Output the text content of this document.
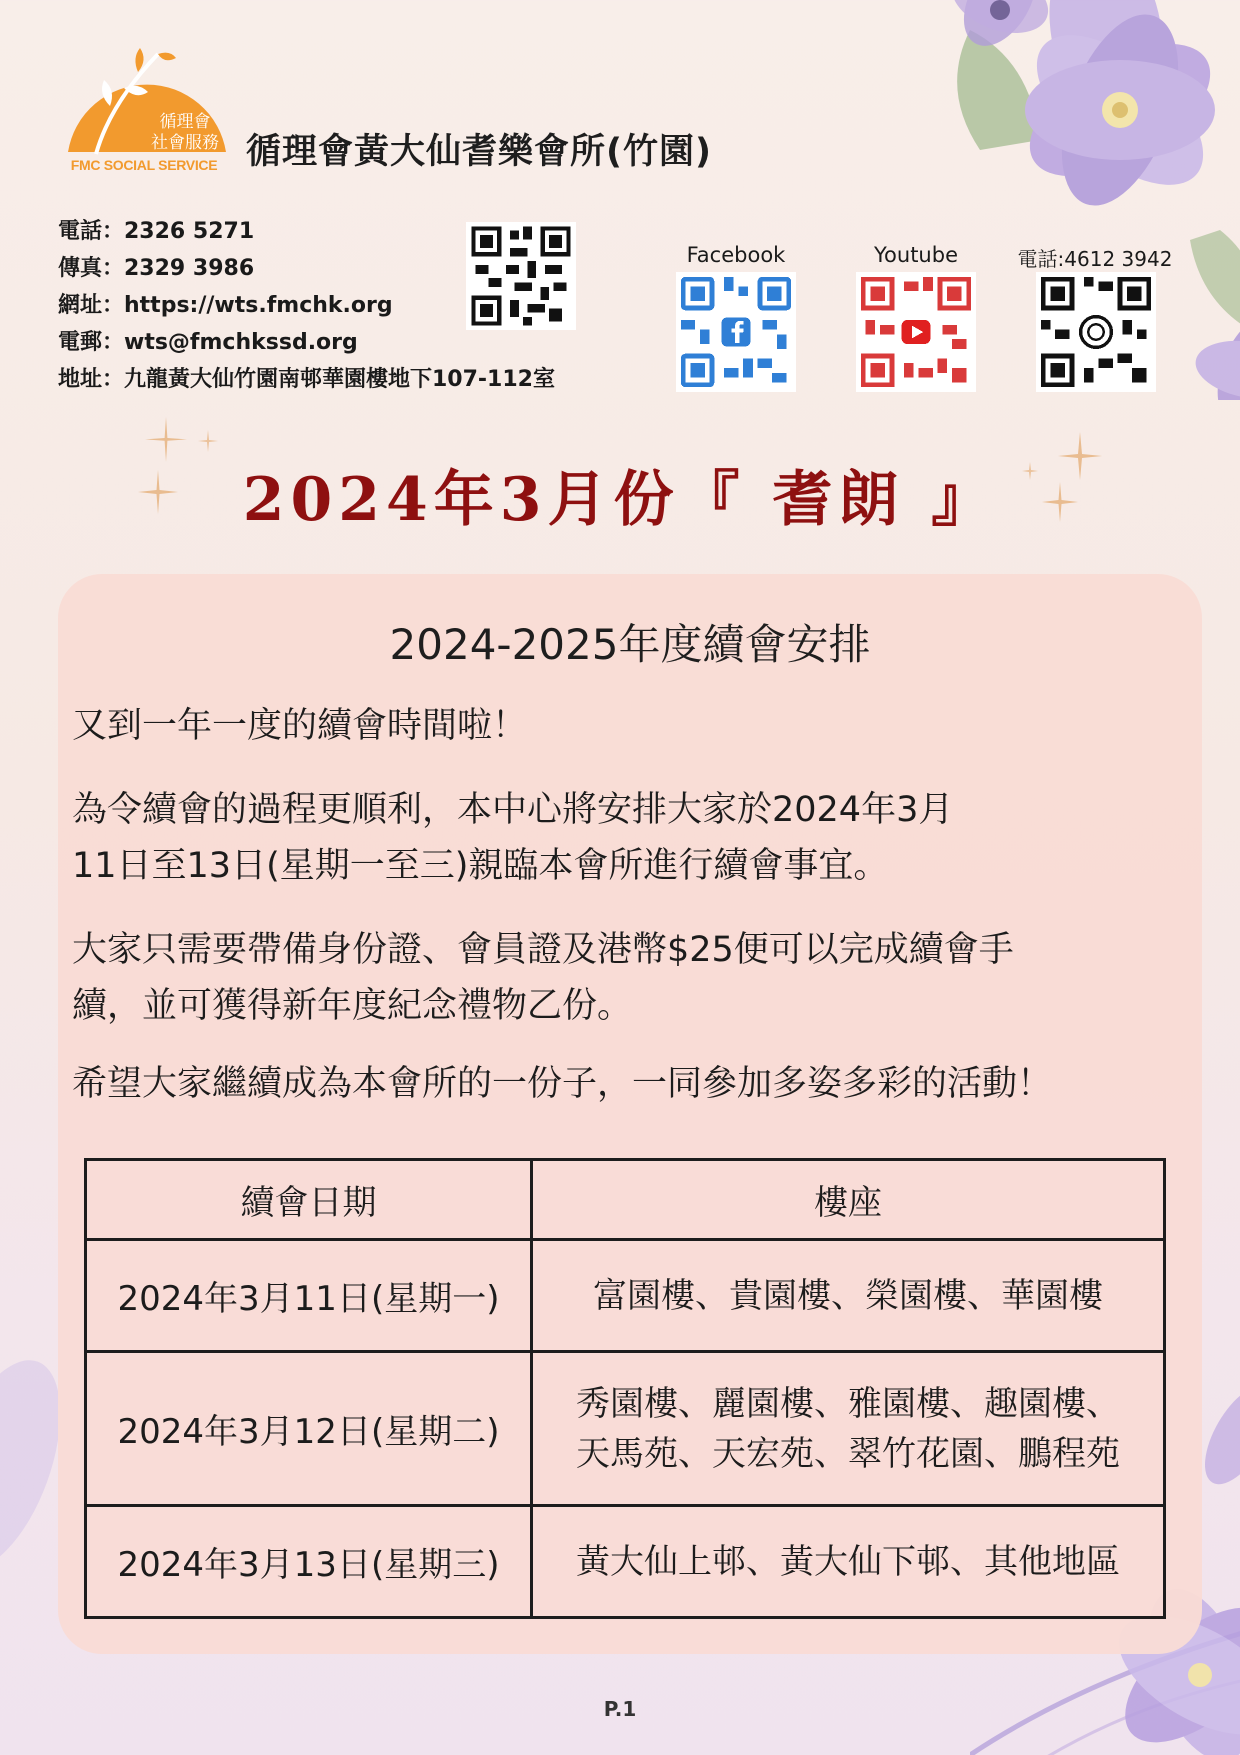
循理會
社會服務
FMC SOCIAL SERVICE 循理會黃大仙耆樂會所(竹園)
電話：2326 5271
傳真：2329 3986
網址：https://wts.fmchk.org
電郵：wts@fmchkssd.org
地址：九龍黃大仙竹園南邨華園樓地下107-112室
Facebook	Youtube	電話:4612 3942
2024年3月份『 耆朗 』
2024-2025年度續會安排
又到一年一度的續會時間啦！
為令續會的過程更順利，本中心將安排大家於2024年3月
11日至13日(星期一至三)親臨本會所進行續會事宜。
大家只需要帶備身份證、會員證及港幣$25便可以完成續會手
續，並可獲得新年度紀念禮物乙份。
希望大家繼續成為本會所的一份子，一同參加多姿多彩的活動！
續會日期	樓座
2024年3月11日(星期一)	富園樓、貴園樓、榮園樓、華園樓

2024年3月12日(星期二)	秀園樓、麗園樓、雅園樓、趣園樓、
天馬苑、天宏苑、翠竹花園、鵬程苑

2024年3月13日(星期三)	黃大仙上邨、黃大仙下邨、其他地區
P.1
